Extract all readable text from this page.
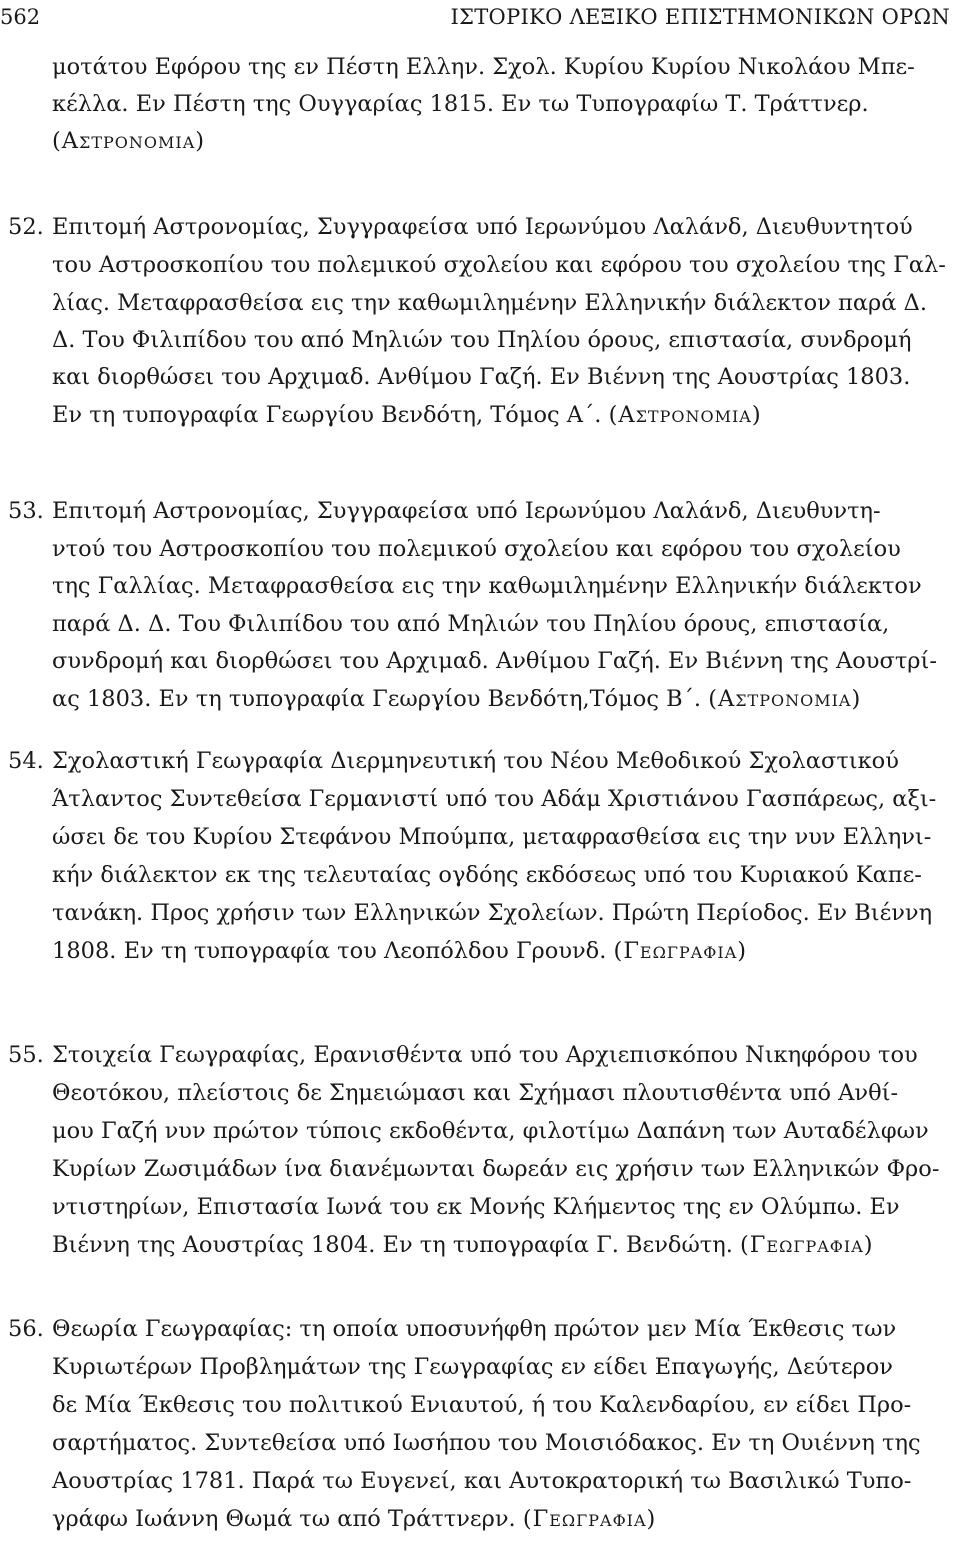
562	ΙΣΤΟΡΙΚΟ ΛΕΞΙΚΟ ΕΠΙΣΤΗΜΟΝΙΚΩΝ ΟΡΩΝ
μοτάτου Εφόρου της εν Πέστη Ελλην. Σχολ. Κυρίου Κυρίου Νικολάου Μπε-
κέλλα. Εν Πέστη της Ουγγαρίας 1815. Εν τω Τυπογραφίω Τ. Τράττνερ.
(Αστρονομια)
52. Επιτομή Αστρονομίας, Συγγραφείσα υπό Ιερωνύμου Λαλάνδ, Διευθυντητού
του Αστροσκοπίου του πολεμικού σχολείου και εφόρου του σχολείου της Γαλ-
λίας. Μεταφρασθείσα εις την καθωμιλημένην Ελληνικήν διάλεκτον παρά Δ.
Δ. Του Φιλιπίδου του από Μηλιών του Πηλίου όρους, επιστασία, συνδρομή
και διορθώσει του Αρχιμαδ. Ανθίμου Γαζή. Εν Βιέννη της Αουστρίας 1803.
Εν τη τυπογραφία Γεωργίου Βενδότη, Τόμος Α΄. (Αστρονομια)
53. Επιτομή Αστρονομίας, Συγγραφείσα υπό Ιερωνύμου Λαλάνδ, Διευθυντη-
ντού του Αστροσκοπίου του πολεμικού σχολείου και εφόρου του σχολείου
της Γαλλίας. Μεταφρασθείσα εις την καθωμιλημένην Ελληνικήν διάλεκτον
παρά Δ. Δ. Του Φιλιπίδου του από Μηλιών του Πηλίου όρους, επιστασία,
συνδρομή και διορθώσει του Αρχιμαδ. Ανθίμου Γαζή. Εν Βιέννη της Αουστρί-
ας 1803. Εν τη τυπογραφία Γεωργίου Βενδότη,Τόμος Β΄. (Αστρονομια)
54. Σχολαστική Γεωγραφία Διερμηνευτική του Νέου Μεθοδικού Σχολαστικού
Άτλαντος Συντεθείσα Γερμανιστί υπό του Αδάμ Χριστιάνου Γασπάρεως, αξι-
ώσει δε του Κυρίου Στεφάνου Μπούμπα, μεταφρασθείσα εις την νυν Ελληνι-
κήν διάλεκτον εκ της τελευταίας ογδόης εκδόσεως υπό του Κυριακού Καπε-
τανάκη. Προς χρήσιν των Ελληνικών Σχολείων. Πρώτη Περίοδος. Εν Βιέννη
1808. Εν τη τυπογραφία του Λεοπόλδου Γρουνδ. (Γεωγραφια)
55. Στοιχεία Γεωγραφίας, Ερανισθέντα υπό του Αρχιεπισκόπου Νικηφόρου του
Θεοτόκου, πλείστοις δε Σημειώμασι και Σχήμασι πλουτισθέντα υπό Ανθί-
μου Γαζή νυν πρώτον τύποις εκδοθέντα, φιλοτίμω Δαπάνη των Αυταδέλφων
Κυρίων Ζωσιμάδων ίνα διανέμωνται δωρεάν εις χρήσιν των Ελληνικών Φρο-
ντιστηρίων, Επιστασία Ιωνά του εκ Μονής Κλήμεντος της εν Ολύμπω. Εν
Βιέννη της Αουστρίας 1804. Εν τη τυπογραφία Γ. Βενδώτη. (Γεωγραφια)
56. Θεωρία Γεωγραφίας: τη οποία υποσυνήφθη πρώτον μεν Μία Έκθεσις των
Κυριωτέρων Προβλημάτων της Γεωγραφίας εν είδει Επαγωγής, Δεύτερον
δε Μία Έκθεσις του πολιτικού Ενιαυτού, ή του Καλενδαρίου, εν είδει Προ-
σαρτήματος. Συντεθείσα υπό Ιωσήπου του Μοισιόδακος. Εν τη Ουιέννη της
Αουστρίας 1781. Παρά τω Ευγενεί, και Αυτοκρατορική τω Βασιλικώ Τυπο-
γράφω Ιωάννη Θωμά τω από Τράττνερν. (Γεωγραφια)
